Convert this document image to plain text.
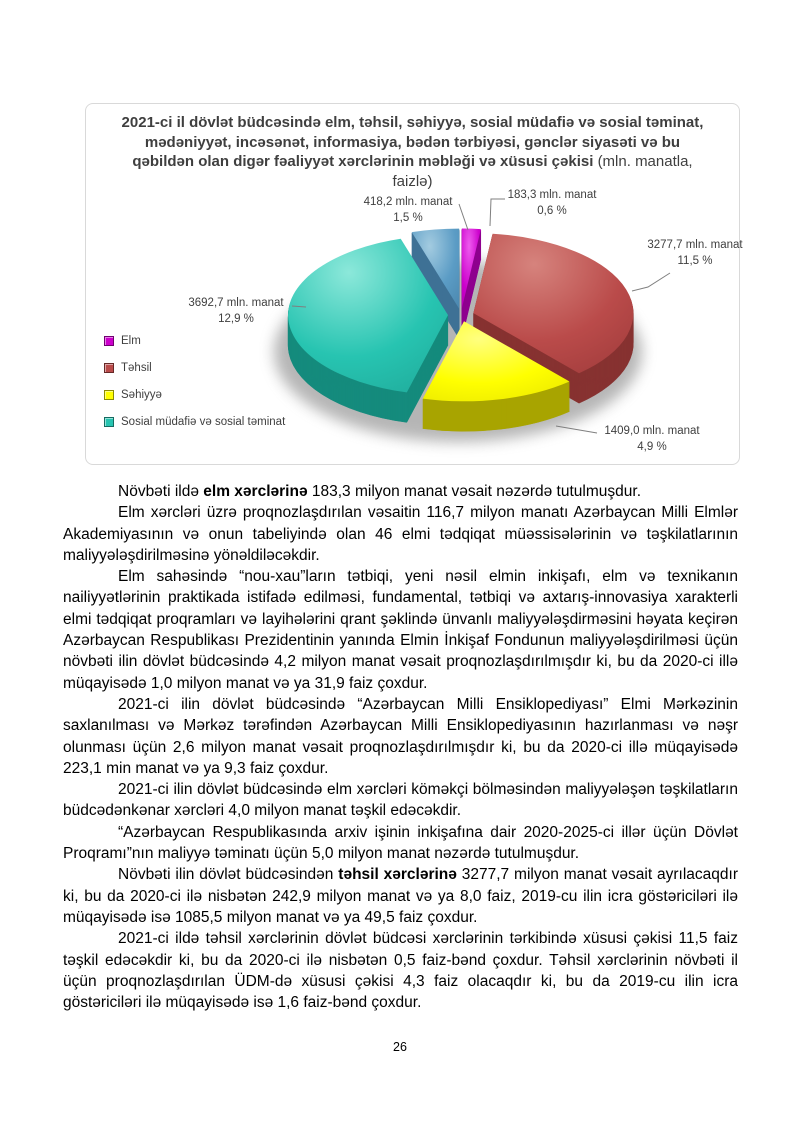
2021-ci il dövlət büdcəsində elm, təhsil, səhiyyə, sosial müdafiə və sosial təminat, mədəniyyət, incəsənət, informasiya, bədən tərbiyəsi, gənclər siyasəti və bu qəbildən olan digər fəaliyyət xərclərinin məbləği və xüsusi çəkisi (mln. manatla, faizlə)
Elm
Təhsil
Səhiyyə
Sosial müdafiə və sosial təminat
183,3 mln. manat
0,6 %
3277,7 mln. manat
11,5 %
1409,0 mln. manat
4,9 %
3692,7 mln. manat
12,9 %
418,2 mln. manat
1,5 %

Növbəti ildə elm xərclərinə 183,3 milyon manat vəsait nəzərdə tutulmuşdur.

Elm xərcləri üzrə proqnozlaşdırılan vəsaitin 116,7 milyon manatı Azərbaycan Milli Elmlər Akademiyasının və onun tabeliyində olan 46 elmi tədqiqat müəssisələrinin və təşkilatlarının maliyyələşdirilməsinə yönəldiləcəkdir.

Elm sahəsində “nou-xau”ların tətbiqi, yeni nəsil elmin inkişafı, elm və texnikanın nailiyyətlərinin praktikada istifadə edilməsi, fundamental, tətbiqi və axtarış-innovasiya xarakterli elmi tədqiqat proqramları və layihələrini qrant şəklində ünvanlı maliyyələşdirməsini həyata keçirən Azərbaycan Respublikası Prezidentinin yanında Elmin İnkişaf Fondunun maliyyələşdirilməsi üçün növbəti ilin dövlət büdcəsində 4,2 milyon manat vəsait proqnozlaşdırılmışdır ki, bu da 2020-ci illə müqayisədə 1,0 milyon manat və ya 31,9 faiz çoxdur.

2021-ci ilin dövlət büdcəsində “Azərbaycan Milli Ensiklopediyası” Elmi Mərkəzinin saxlanılması və Mərkəz tərəfindən Azərbaycan Milli Ensiklopediyasının hazırlanması və nəşr olunması üçün 2,6 milyon manat vəsait proqnozlaşdırılmışdır ki, bu da 2020-ci illə müqayisədə 223,1 min manat və ya 9,3 faiz çoxdur.

2021-ci ilin dövlət büdcəsində elm xərcləri köməkçi bölməsindən maliyyələşən təşkilatların büdcədənkənar xərcləri 4,0 milyon manat təşkil edəcəkdir.

“Azərbaycan Respublikasında arxiv işinin inkişafına dair 2020-2025-ci illər üçün Dövlət Proqramı”nın maliyyə təminatı üçün 5,0 milyon manat nəzərdə tutulmuşdur.

Növbəti ilin dövlət büdcəsindən təhsil xərclərinə 3277,7 milyon manat vəsait ayrılacaqdır ki, bu da 2020-ci ilə nisbətən 242,9 milyon manat və ya 8,0 faiz, 2019-cu ilin icra göstəriciləri ilə müqayisədə isə 1085,5 milyon manat və ya 49,5 faiz çoxdur.

2021-ci ildə təhsil xərclərinin dövlət büdcəsi xərclərinin tərkibində xüsusi çəkisi 11,5 faiz təşkil edəcəkdir ki, bu da 2020-ci ilə nisbətən 0,5 faiz-bənd çoxdur. Təhsil xərclərinin növbəti il üçün proqnozlaşdırılan ÜDM-də xüsusi çəkisi 4,3 faiz olacaqdır ki, bu da 2019-cu ilin icra göstəriciləri ilə müqayisədə isə 1,6 faiz-bənd çoxdur.

26
